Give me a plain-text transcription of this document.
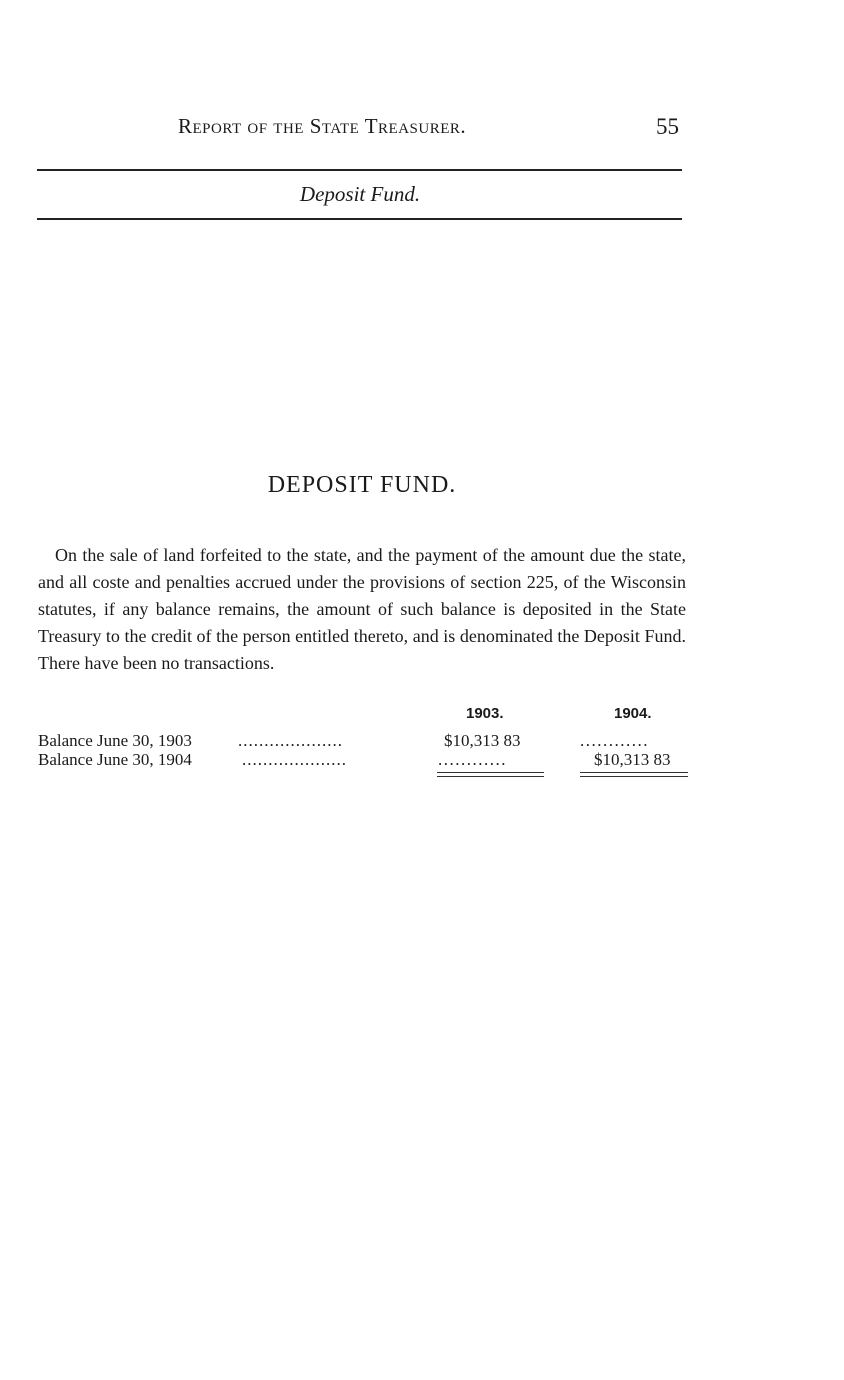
Report of the State Treasurer.	55
Deposit Fund.
DEPOSIT FUND.

On the sale of land forfeited to the state, and the payment of the amount due the state, and all coste and penalties accrued under the provisions of section 225, of the Wisconsin statutes, if any balance remains, the amount of such balance is deposited in the State Treasury to the credit of the person entitled thereto, and is denominated the Deposit Fund. There have been no transactions.

1903.	1904.
Balance June 30, 1903	....................	$10,313 83	............
Balance June 30, 1904	....................	............	$10,313 83
